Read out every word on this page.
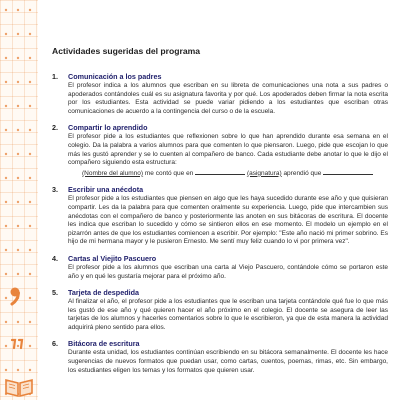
Actividades sugeridas del programa
1. Comunicación a los padres
El profesor indica a los alumnos que escriban en su libreta de comunicaciones una nota a sus padres o apoderados contándoles cuál es su asignatura favorita y por qué. Los apoderados deben firmar la nota escrita por los estudiantes. Esta actividad se puede variar pidiendo a los estudiantes que escriban otras comunicaciones de acuerdo a la contingencia del curso o de la escuela.
2. Compartir lo aprendido
El profesor pide a los estudiantes que reflexionen sobre lo que han aprendido durante esa semana en el colegio. Da la palabra a varios alumnos para que comenten lo que piensaron. Luego, pide que escojan lo que más les gustó aprender y se lo cuenten al compañero de banco. Cada estudiante debe anotar lo que le dijo el compañero siguiendo esta estructura:
(Nombre del alumno) me contó que en	(asignatura) aprendió que
3. Escribir una anécdota
El profesor pide a los estudiantes que piensen en algo que les haya sucedido durante ese año y que quisieran compartir. Les da la palabra para que comenten oralmente su experiencia. Luego, pide que intercambien sus anécdotas con el compañero de banco y posteriormente las anoten en sus bitácoras de escritura. El docente les indica que escriban lo sucedido y cómo se sintieron ellos en ese momento. El modelo un ejemplo en el pizarrón antes de que los estudiantes comiencen a escribir. Por ejemplo: "Este año nació mi primer sobrino. Es hijo de mi hermana mayor y le pusieron Ernesto. Me sentí muy feliz cuando lo vi por primera vez".
4. Cartas al Viejito Pascuero
El profesor pide a los alumnos que escriban una carta al Viejo Pascuero, contándole cómo se portaron este año y en qué les gustaría mejorar para el próximo año.
5. Tarjeta de despedida
Al finalizar el año, el profesor pide a los estudiantes que le escriban una tarjeta contándole qué fue lo que más les gustó de ese año y qué quieren hacer el año próximo en el colegio. El docente se asegura de leer las tarjetas de los alumnos y hacerles comentarios sobre lo que le escribieron, ya que de esta manera la actividad adquirirá pleno sentido para ellos.
6. Bitácora de escritura
Durante esta unidad, los estudiantes continúan escribiendo en su bitácora semanalmente. El docente les hace sugerencias de nuevos formatos que puedan usar, como cartas, cuentos, poemas, rimas, etc. Sin embargo, los estudiantes eligen los temas y los formatos que quieren usar.
